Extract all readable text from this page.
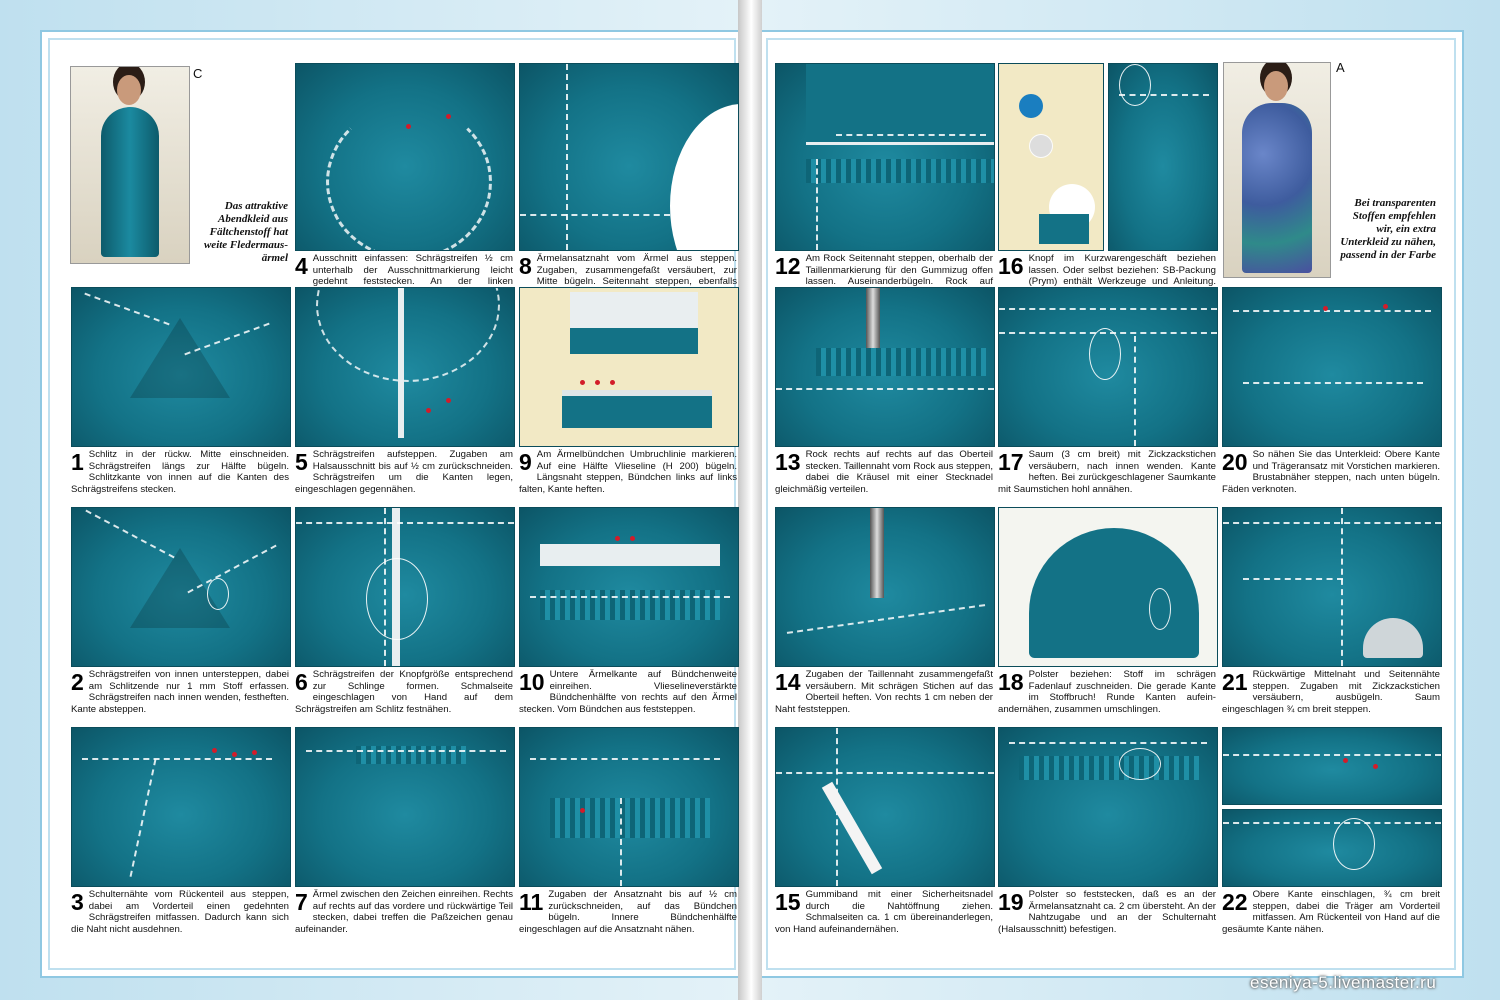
C
Das attraktive Abendkleid aus Fältchenstoff hat weite Fledermausärmel
A
Bei transparenten Stoffen empfehlen wir, ein extra Unterkleid zu nähen, passend in der Farbe
1 Schlitz in der rückw. Mitte einschneiden. Schrägstreifen längs zur Hälfte bügeln. Schlitzkante von innen auf die Kanten des Schrägstreifens stecken.
2 Schrägstreifen von innen untersteppen, dabei am Schlitzende nur 1 mm Stoff erfassen. Schrägstreifen nach innen wenden, festheften. Kante absteppen.
3 Schulternähte vom Rückenteil aus steppen, dabei am Vorderteil einen gedehnten Schrägstreifen mitfassen. Dadurch kann sich die Naht nicht ausdehnen.
4 Ausschnitt einfassen: Schrägstreifen ½ cm unterhalb der Ausschnittmarkierung leicht gedehnt feststecken. An der linken
5 Schrägstreifen aufsteppen. Zugaben am Halsausschnitt bis auf ½ cm zurückschneiden. Schrägstreifen um die Kanten legen, eingeschlagen gegennähen.
6 Schrägstreifen der Knopfgröße entsprechend zur Schlinge formen. Schmalseite eingeschlagen von Hand auf dem Schrägstreifen am Schlitz festnähen.
7 Ärmel zwischen den Zeichen einreihen. Rechts auf rechts auf das vordere und rückwärtige Teil stecken, dabei treffen die Paßzeichen genau aufeinander.
8 Ärmelansatznaht vom Ärmel aus steppen. Zugaben, zusammengefaßt versäubert, zur Mitte bügeln. Seitennaht steppen, ebenfalls
9 Am Ärmelbündchen Umbruchlinie markieren. Auf eine Hälfte Vlieseline (H 200) bügeln. Längsnaht steppen, Bündchen links auf links falten, Kante heften.
10 Untere Ärmelkante auf Bündchenweite einreihen. Vlieselineverstärkte Bündchenhälfte von rechts auf den Ärmel stecken. Vom Bündchen aus feststeppen.
11 Zugaben der Ansatznaht bis auf ½ cm zurückschneiden, auf das Bündchen bügeln. Innere Bündchenhälfte eingeschlagen auf die Ansatznaht nähen.
12 Am Rock Seitennaht steppen, oberhalb der Taillenmarkierung für den Gummizug offen lassen. Auseinanderbügeln. Rock auf
13 Rock rechts auf rechts auf das Oberteil stecken. Taillennaht vom Rock aus steppen, dabei die Kräusel mit einer Stecknadel gleichmäßig verteilen.
14 Zugaben der Taillennaht zusammengefaßt versäubern. Mit schrägen Stichen auf das Oberteil heften. Von rechts 1 cm neben der Naht feststeppen.
15 Gummiband mit einer Sicherheitsnadel durch die Nahtöffnung ziehen. Schmalseiten ca. 1 cm übereinanderlegen, von Hand aufeinandernähen.
16 Knopf im Kurzwarengeschäft beziehen lassen. Oder selbst beziehen: SB-Packung (Prym) enthält Werkzeuge und Anleitung.
17 Saum (3 cm breit) mit Zickzackstichen versäubern, nach innen wenden. Kante heften. Bei zurückgeschlagener Saumkante mit Saumstichen hohl annähen.
18 Polster beziehen: Stoff im schrägen Fadenlauf zuschneiden. Die gerade Kante im Stoffbruch! Runde Kanten aufeinandernähen, zusammen umschlingen.
19 Polster so feststecken, daß es an der Ärmelansatznaht ca. 2 cm übersteht. An der Nahtzugabe und an der Schulternaht (Halsausschnitt) befestigen.
20 So nähen Sie das Unterkleid: Obere Kante und Trägeransatz mit Vorstichen markieren. Brustabnäher steppen, nach unten bügeln. Fäden verknoten.
21 Rückwärtige Mittelnaht und Seitennähte steppen. Zugaben mit Zickzackstichen versäubern, ausbügeln. Saum eingeschlagen ¾ cm breit steppen.
22 Obere Kante einschlagen, ¾ cm breit steppen, dabei die Träger am Vorderteil mitfassen. Am Rückenteil von Hand auf die gesäumte Kante nähen.
esenіya-5.livemaster.ru
